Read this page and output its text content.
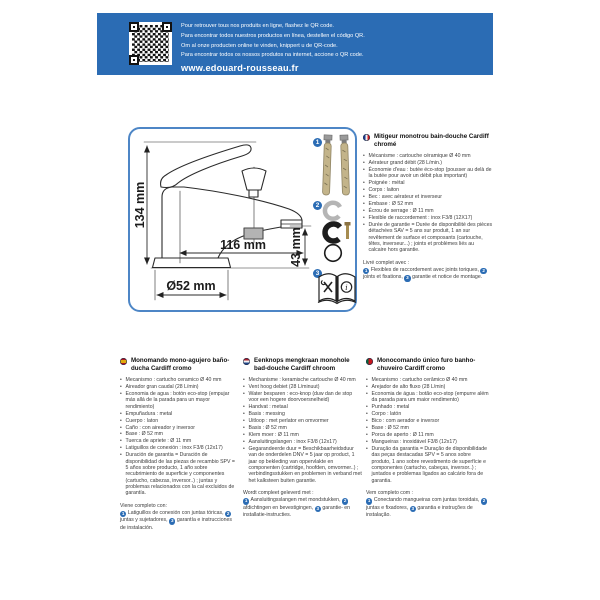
Pour retrouver tous nos produits en ligne, flashez le QR code.
Para encontrar todos nuestros productos en línea, destellen el código QR.
Om al onze producten online te vinden, knippert u de QR-code.
Para encontrar todos os nossos produtos na internet, accione o QR code.
www.edouard-rousseau.fr
134 mm
116 mm 43 mm
Ø52 mm
1
2
3
i
Mitigeur monotrou bain-douche Cardiff chromé
• Mécanisme : cartouche céramique Ø 40 mm
• Aérateur grand débit (28 L/min.)
• Économie d'eau : butée éco-stop (pousser au delà de la butée pour avoir un débit plus important)
• Poignée : métal
• Corps : laiton
• Bec : avec aérateur et inverseur
• Embase : Ø 52 mm
• Écrou de serrage : Ø 11 mm
• Flexible de raccordement : inox F3/8 (12X17)
• Durée de garantie = Durée de disponibilité des pièces détachées SAV = 5 ans sur produit, 1 an sur revêtement de surface et composants (cartouche, têtes, inverseur...) ; joints et problèmes liés au calcaire hors garantie.
Livré complet avec :
1 Flexibles de raccordement avec joints toriques, 2 joints et fixations, 3 garantie et notice de montage.
Monomando mono-agujero baño-ducha Cardiff cromo
• Mecanismo : cartucho ceramico Ø 40 mm
• Aireador gran caudal (28 L/min)
• Economia de agua : botón eco-stop (empujar más allá de la parada para un mayor rendimiento)
• Empuñadura : metal
• Cuerpo : laton
• Caño : con aireador y inversor
• Base : Ø 52 mm
• Tuerca de apriete : Ø 11 mm
• Latiguillos de conexión : inox F3/8 (12x17)
• Duración de garantia = Duración de disponibilidad de las piezas de recambio SPV = 5 años sobre producto, 1 año sobre recubrimiento de superficie y componentes (cartucho, cabezas, inversor..) ; juntas y problemas relacionados con la cal excluidos de garantía.
Viene completo con:
1 Latiguillos de conexión con juntas tóricas, 2 juntas y sujetadores, 3 garantía e instrucciones de instalación.
Eenknops mengkraan monohole bad-douche Cardiff chroom
• Mechanisme : keramische cartouche Ø 40 mm
• Vent hoog debiet (28 L/minuut)
• Water besparen : eco-knop (duw dan de stop voor een hogere doorvoersnelheid)
• Handvat : metaal
• Basis : messing
• Uitloop : met perlator en omvormer
• Basis : Ø 52 mm
• Klem moer : Ø 11 mm
• Aansluitingslangen : inox F3/8 (12x17)
• Gegarandeerde duur = Beschikbaarheidsduur van de onderdelen DNV = 5 jaar op product, 1 jaar op bekleding van oppervlakte en componenten (cartridge, hoofden, omvormer..) ; verbindingsstukken en problemen in verband met het kalksteen buiten garantie.
Wordt compleet geleverd met :
1 Aansluitingsslangen met mondstukken, 2 afdichtingen en bevestigingen, 3 garantie- en installatie-instructies.
Monocomando único furo banho-chuveiro Cardiff cromo
• Mecanismo : cartucho cerâmico Ø 40 mm
• Arejador de alto fluxo (28 L/min)
• Economia de água : botão eco-stop (empurre além da parada para um maior rendimento)
• Punhado : metal
• Corpo : latón
• Bico : com aerador e inversor
• Base : Ø 52 mm
• Porca de aperto : Ø 11 mm
• Mangueiras : inoxidável F3/8 (12x17)
• Duração da garantia = Duração de disponibilidade das peças destacadas SPV = 5 anos sobre produto, 1 ano sobre revestimento de superfície e componentes (cartucho, cabeças, inversor..) ; juntados e problemas ligados ao calcário fora de garantia.
Vem completo com :
1 Conectando mangueiras com juntas toroidais, 2 juntas e fixadores, 3 garantia e instruções de instalação.
